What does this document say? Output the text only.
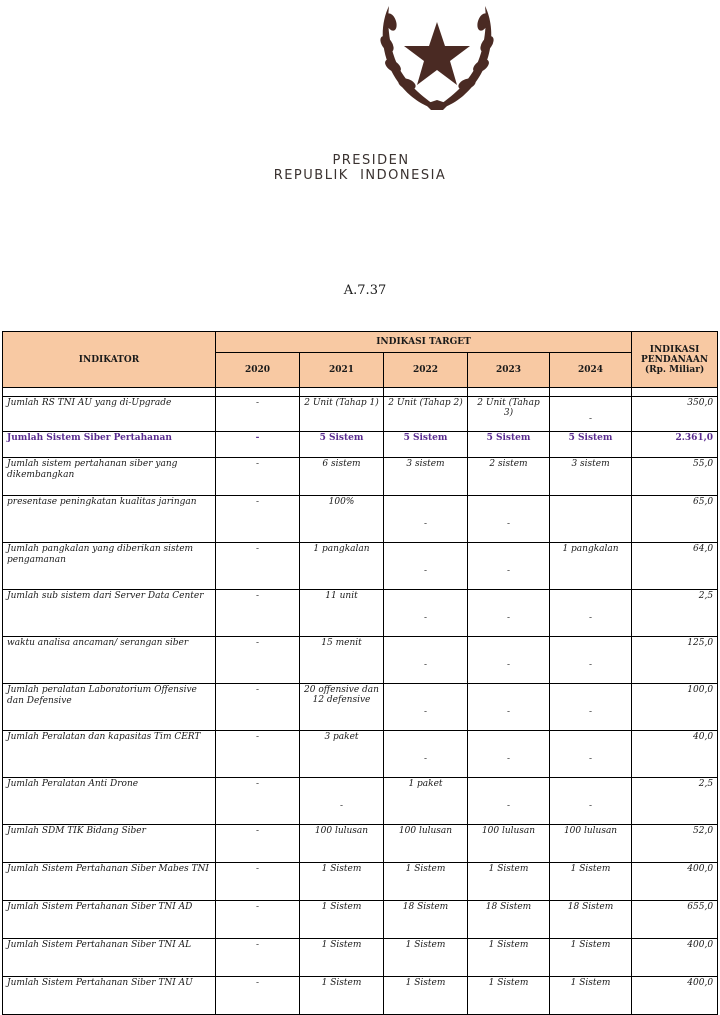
PRESIDEN
REPUBLIK  INDONESIA
A.7.37
INDIKATOR	INDIKASI TARGET					INDIKASI
PENDANAAN
(Rp. Miliar)
	2020	2021	2022	2023	2024	

Jumlah RS TNI AU yang di-Upgrade	-	2 Unit (Tahap 1)	2 Unit (Tahap 2)	2 Unit (Tahap 3)	-	350,0
Jumlah Sistem Siber Pertahanan	-	5 Sistem	5 Sistem	5 Sistem	5 Sistem	2.361,0
Jumlah sistem pertahanan siber yang dikembangkan	-	6 sistem	3 sistem	2 sistem	3 sistem	55,0
presentase peningkatan kualitas jaringan	-	100%	-	-		65,0
Jumlah pangkalan yang diberikan sistem pengamanan	-	1 pangkalan	-	-	1 pangkalan	64,0
Jumlah sub sistem dari Server Data Center	-	11 unit	-	-	-	2,5
waktu analisa ancaman/ serangan siber	-	15 menit	-	-	-	125,0
Jumlah peralatan Laboratorium Offensive dan Defensive	-	20 offensive dan 12 defensive	-	-	-	100,0
Jumlah Peralatan dan kapasitas Tim CERT	-	3 paket	-	-	-	40,0
Jumlah Peralatan Anti Drone	-	-	1 paket	-	-	2,5
Jumlah SDM TIK Bidang Siber	-	100 lulusan	100 lulusan	100 lulusan	100 lulusan	52,0
Jumlah Sistem Pertahanan Siber Mabes TNI	-	1 Sistem	1 Sistem	1 Sistem	1 Sistem	400,0
Jumlah Sistem Pertahanan Siber TNI AD	-	1 Sistem	18 Sistem	18 Sistem	18 Sistem	655,0
Jumlah Sistem Pertahanan Siber TNI AL	-	1 Sistem	1 Sistem	1 Sistem	1 Sistem	400,0
Jumlah Sistem Pertahanan Siber TNI AU	-	1 Sistem	1 Sistem	1 Sistem	1 Sistem	400,0
